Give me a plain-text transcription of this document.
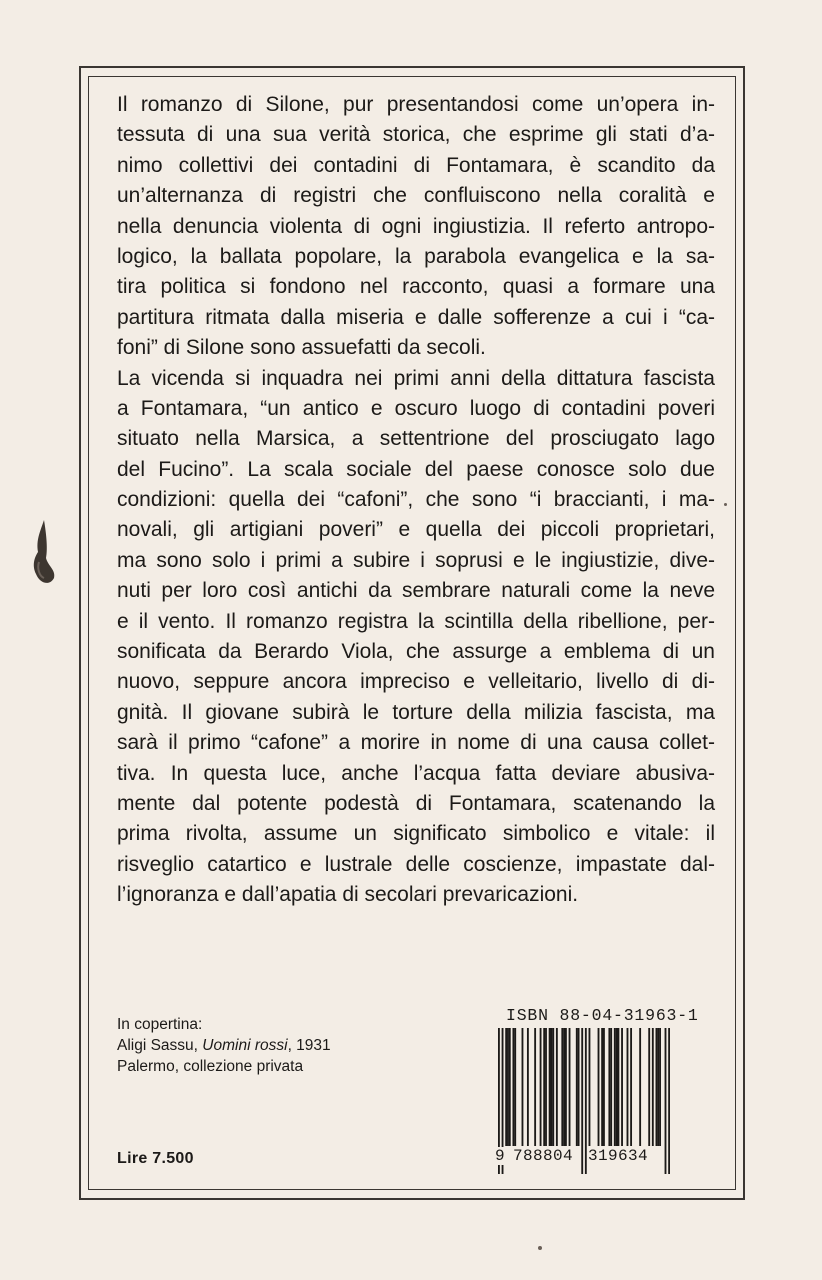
Il romanzo di Silone, pur presentandosi come un’opera in-
tessuta di una sua verità storica, che esprime gli stati d’a-
nimo collettivi dei contadini di Fontamara, è scandito da
un’alternanza di registri che confluiscono nella coralità e
nella denuncia violenta di ogni ingiustizia. Il referto antropo-
logico, la ballata popolare, la parabola evangelica e la sa-
tira politica si fondono nel racconto, quasi a formare una
partitura ritmata dalla miseria e dalle sofferenze a cui i “ca-
foni” di Silone sono assuefatti da secoli.
La vicenda si inquadra nei primi anni della dittatura fascista
a Fontamara, “un antico e oscuro luogo di contadini poveri
situato nella Marsica, a settentrione del prosciugato lago
del Fucino”. La scala sociale del paese conosce solo due
condizioni: quella dei “cafoni”, che sono “i braccianti, i ma-
novali, gli artigiani poveri” e quella dei piccoli proprietari,
ma sono solo i primi a subire i soprusi e le ingiustizie, dive-
nuti per loro così antichi da sembrare naturali come la neve
e il vento. Il romanzo registra la scintilla della ribellione, per-
sonificata da Berardo Viola, che assurge a emblema di un
nuovo, seppure ancora impreciso e velleitario, livello di di-
gnità. Il giovane subirà le torture della milizia fascista, ma
sarà il primo “cafone” a morire in nome di una causa collet-
tiva. In questa luce, anche l’acqua fatta deviare abusiva-
mente dal potente podestà di Fontamara, scatenando la
prima rivolta, assume un significato simbolico e vitale: il
risveglio catartico e lustrale delle coscienze, impastate dal-
l’ignoranza e dall’apatia di secolari prevaricazioni.
In copertina:
Aligi Sassu, Uomini rossi, 1931
Palermo, collezione privata
Lire 7.500
ISBN 88-04-31963-1
9 788804 319634
